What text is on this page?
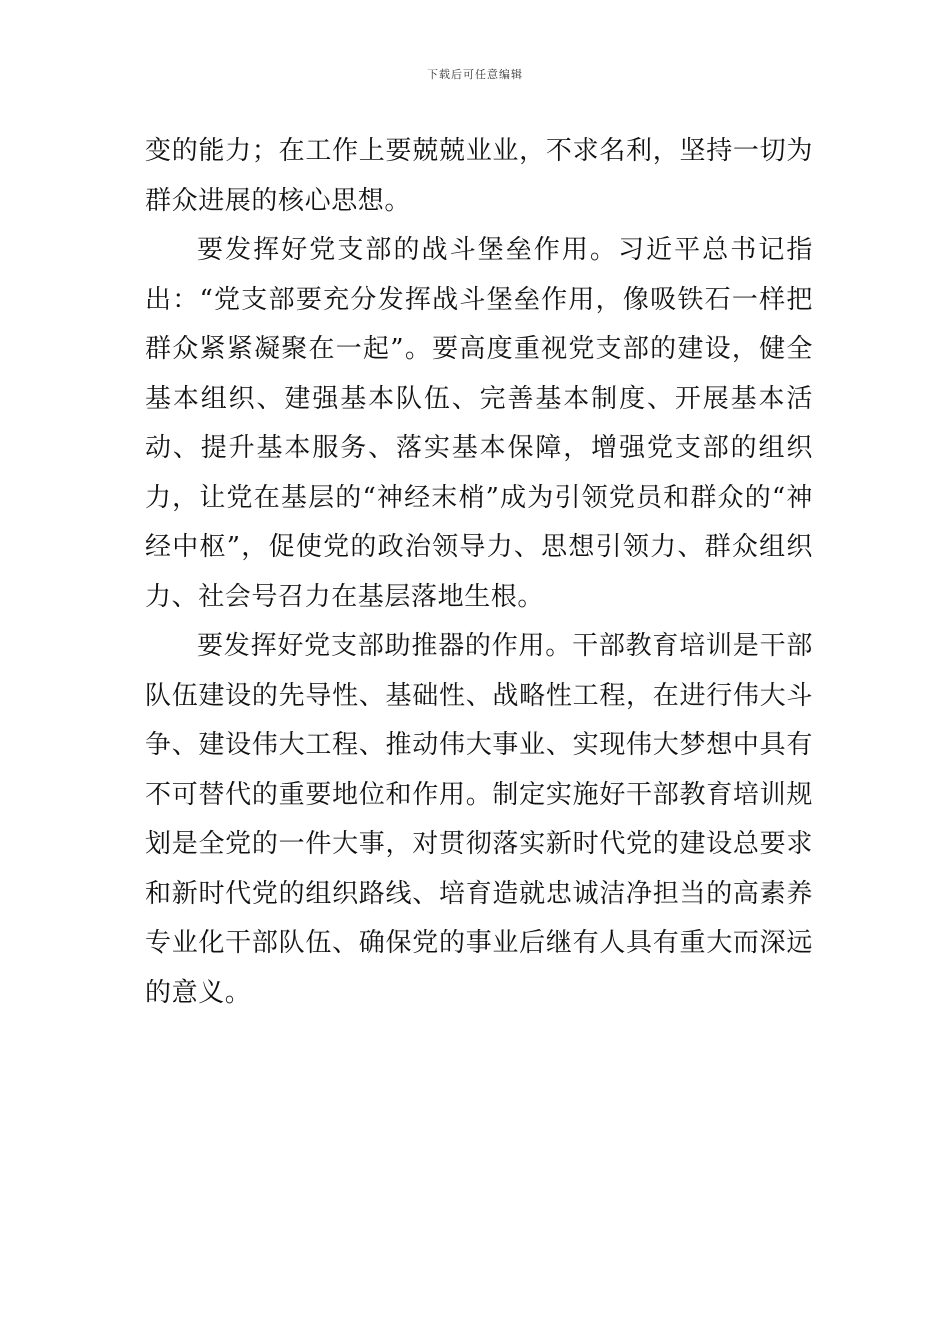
下载后可任意编辑

变的能力；在工作上要兢兢业业，不求名利，坚持一切为群众进展的核心思想。

要发挥好党支部的战斗堡垒作用。习近平总书记指出：“党支部要充分发挥战斗堡垒作用，像吸铁石一样把群众紧紧凝聚在一起”。要高度重视党支部的建设，健全基本组织、建强基本队伍、完善基本制度、开展基本活动、提升基本服务、落实基本保障，增强党支部的组织力，让党在基层的“神经末梢”成为引领党员和群众的“神经中枢”，促使党的政治领导力、思想引领力、群众组织力、社会号召力在基层落地生根。

要发挥好党支部助推器的作用。干部教育培训是干部队伍建设的先导性、基础性、战略性工程，在进行伟大斗争、建设伟大工程、推动伟大事业、实现伟大梦想中具有不可替代的重要地位和作用。制定实施好干部教育培训规划是全党的一件大事，对贯彻落实新时代党的建设总要求和新时代党的组织路线、培育造就忠诚洁净担当的高素养专业化干部队伍、确保党的事业后继有人具有重大而深远的意义。
